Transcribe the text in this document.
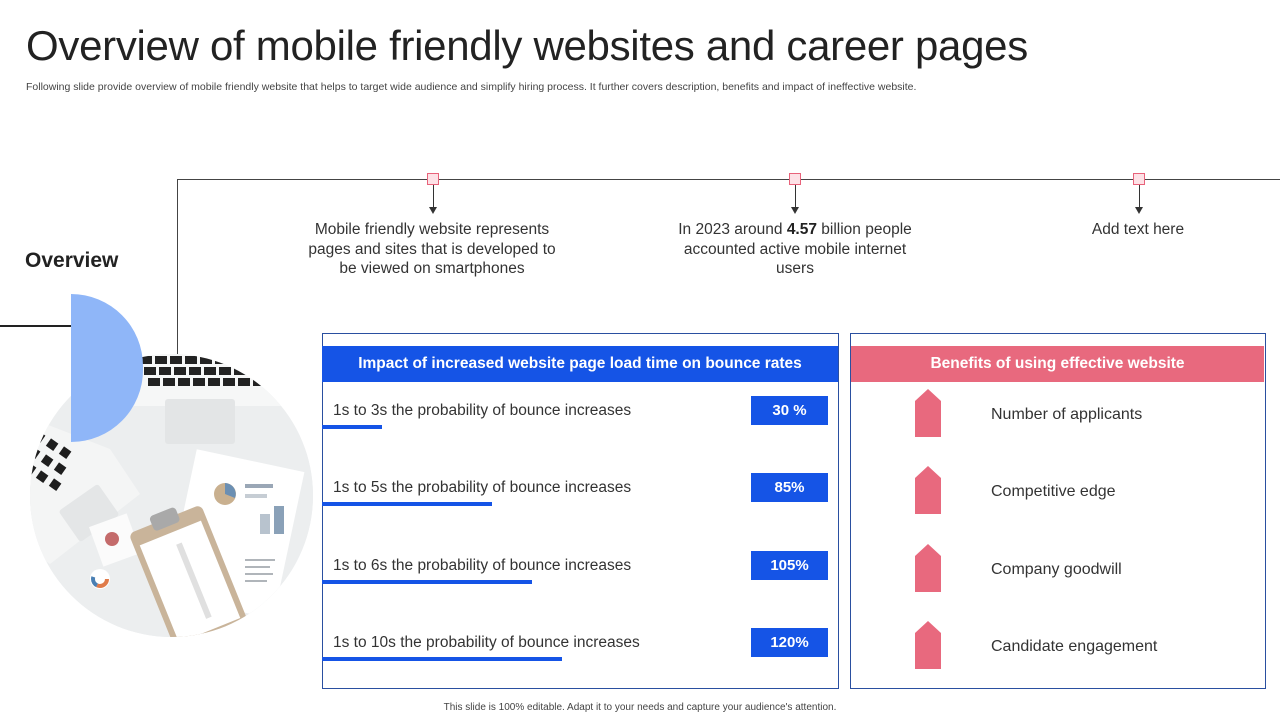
Overview of mobile friendly websites and career pages
Following slide provide overview of mobile friendly website that helps to target wide audience and simplify hiring process. It further covers description, benefits and impact of ineffective website.
Mobile friendly website represents pages and sites that is developed to be viewed on smartphones
In 2023 around 4.57 billion people accounted active mobile internet users
Add text here
Overview
Impact of increased website page load time on bounce rates
1s to 3s the probability of bounce increases	30 %
1s to 5s the probability of bounce increases	85%
1s to 6s the probability of bounce increases	105%
1s to 10s the probability of bounce increases	120%
Benefits of using effective website
Number of applicants
Competitive edge
Company goodwill
Candidate engagement
This slide is 100% editable. Adapt it to your needs and capture your audience's attention.
